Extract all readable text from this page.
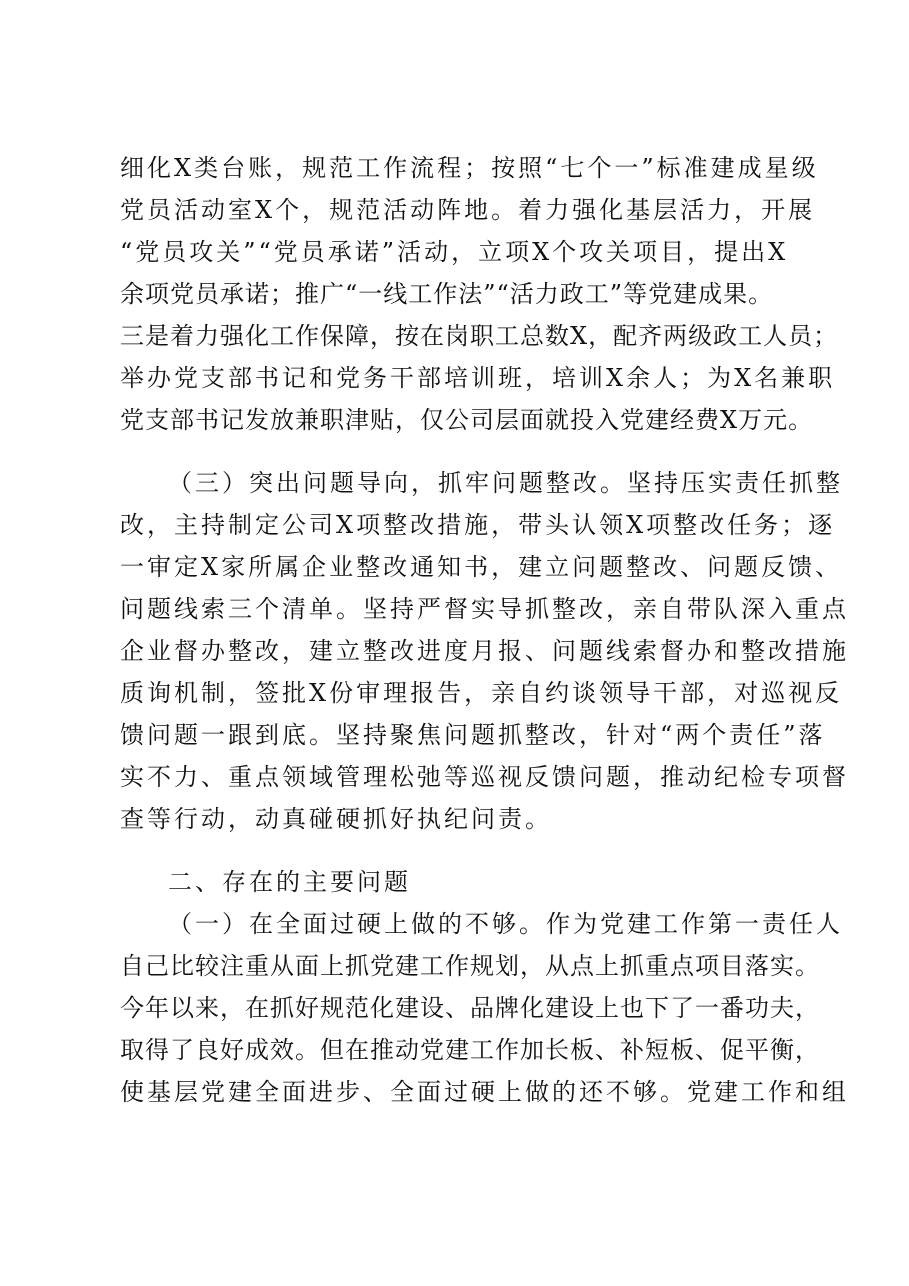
细化X类台账，规范工作流程；按照“七个一”标准建成星级
党员活动室X个，规范活动阵地。着力强化基层活力，开展
“党员攻关”“党员承诺”活动，立项X个攻关项目，提出X
余项党员承诺；推广“一线工作法”“活力政工”等党建成果。
三是着力强化工作保障，按在岗职工总数X，配齐两级政工人员；
举办党支部书记和党务干部培训班，培训X余人；为X名兼职
党支部书记发放兼职津贴，仅公司层面就投入党建经费X万元。
（三）突出问题导向，抓牢问题整改。坚持压实责任抓整
改，主持制定公司X项整改措施，带头认领X项整改任务；逐
一审定X家所属企业整改通知书，建立问题整改、问题反馈、
问题线索三个清单。坚持严督实导抓整改，亲自带队深入重点
企业督办整改，建立整改进度月报、问题线索督办和整改措施
质询机制，签批X份审理报告，亲自约谈领导干部，对巡视反
馈问题一跟到底。坚持聚焦问题抓整改，针对“两个责任”落
实不力、重点领域管理松弛等巡视反馈问题，推动纪检专项督
查等行动，动真碰硬抓好执纪问责。
二、存在的主要问题
（一）在全面过硬上做的不够。作为党建工作第一责任人
自己比较注重从面上抓党建工作规划，从点上抓重点项目落实。
今年以来，在抓好规范化建设、品牌化建设上也下了一番功夫，
取得了良好成效。但在推动党建工作加长板、补短板、促平衡，
使基层党建全面进步、全面过硬上做的还不够。党建工作和组
